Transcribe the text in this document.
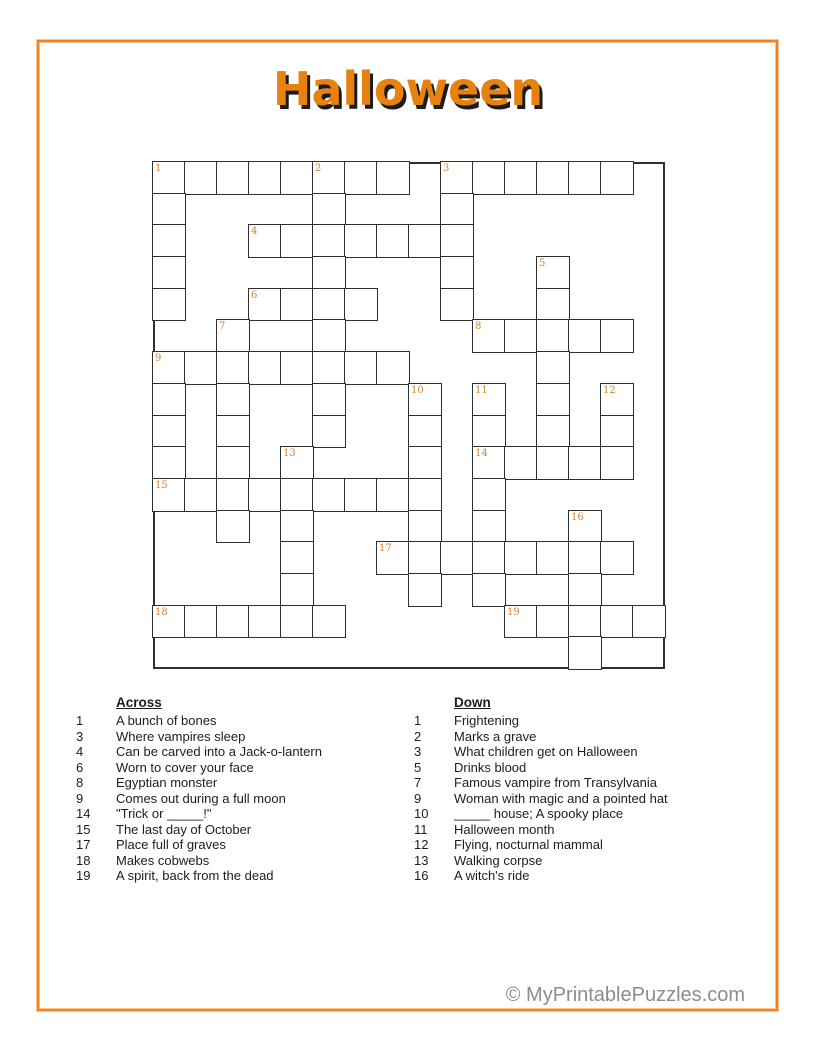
Halloween
1	2	3
4
5
6
7	8
9
10	11	12
13	14
15
16
17
18	19

Across

1	A bunch of bones
3	Where vampires sleep
4	Can be carved into a Jack-o-lantern
6	Worn to cover your face
8	Egyptian monster
9	Comes out during a full moon
14	"Trick or _____!"
15	The last day of October
17	Place full of graves
18	Makes cobwebs
19	A spirit, back from the dead

Down

1	Frightening
2	Marks a grave
3	What children get on Halloween
5	Drinks blood
7	Famous vampire from Transylvania
9	Woman with magic and a pointed hat
10	_____ house; A spooky place
11	Halloween month
12	Flying, nocturnal mammal
13	Walking corpse
16	A witch's ride
© MyPrintablePuzzles.com
